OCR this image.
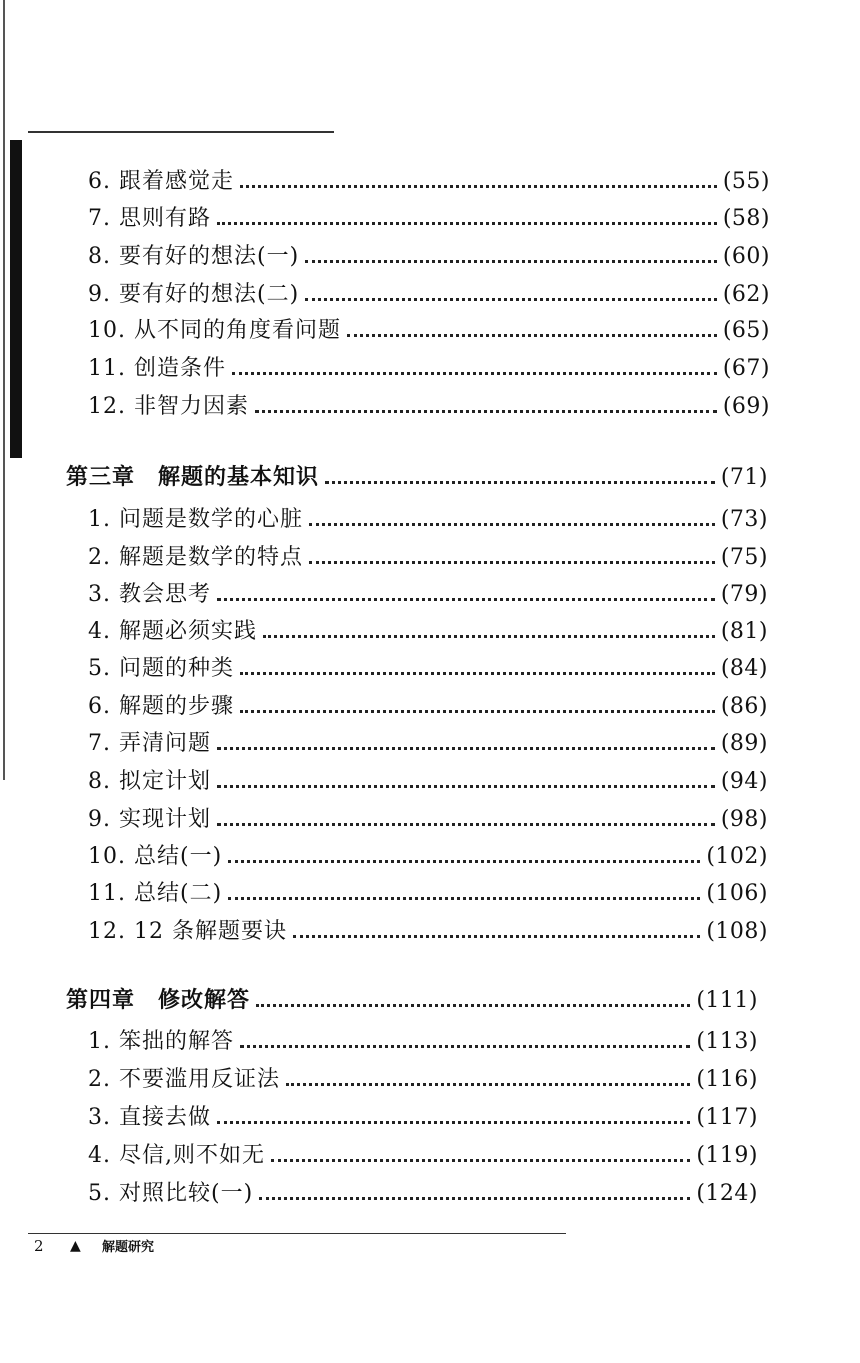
6. 跟着感觉走	(55)
7. 思则有路	(58)
8. 要有好的想法(一)	(60)
9. 要有好的想法(二)	(62)
10. 从不同的角度看问题	(65)
11. 创造条件	(67)
12. 非智力因素	(69)
第三章　解题的基本知识	(71)
1. 问题是数学的心脏	(73)
2. 解题是数学的特点	(75)
3. 教会思考	(79)
4. 解题必须实践	(81)
5. 问题的种类	(84)
6. 解题的步骤	(86)
7. 弄清问题	(89)
8. 拟定计划	(94)
9. 实现计划	(98)
10. 总结(一)	(102)
11. 总结(二)	(106)
12. 12 条解题要诀	(108)
第四章　修改解答	(111)
1. 笨拙的解答	(113)
2. 不要滥用反证法	(116)
3. 直接去做	(117)
4. 尽信,则不如无	(119)
5. 对照比较(一)	(124)
2	▲	解题研究
